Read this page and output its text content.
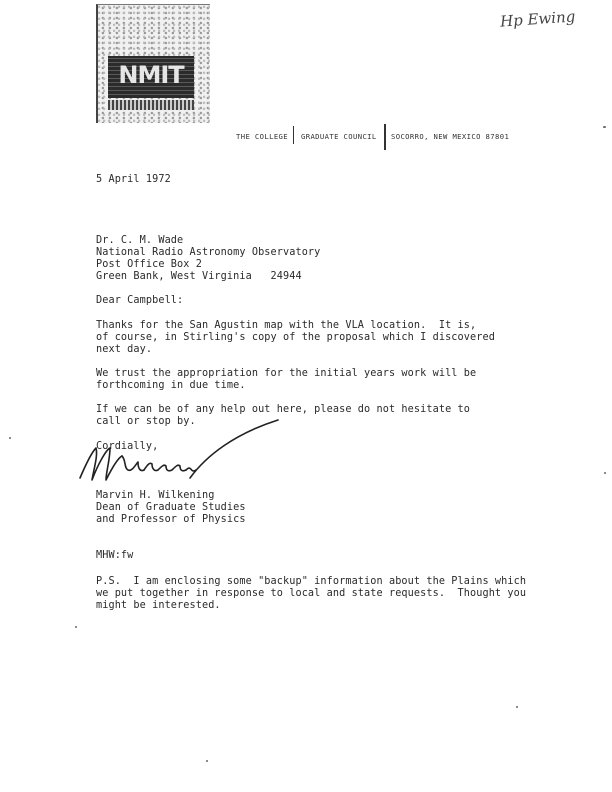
Hp Ewing
NMIT
THE COLLEGE GRADUATE COUNCIL SOCORRO, NEW MEXICO 87801
5 April 1972
Dr. C. M. Wade
National Radio Astronomy Observatory
Post Office Box 2
Green Bank, West Virginia   24944
Dear Campbell:
Thanks for the San Agustin map with the VLA location.  It is,
of course, in Stirling's copy of the proposal which I discovered
next day.
We trust the appropriation for the initial years work will be
forthcoming in due time.
If we can be of any help out here, please do not hesitate to
call or stop by.
Cordially,
Marvin H. Wilkening
Dean of Graduate Studies
and Professor of Physics
MHW:fw
P.S.  I am enclosing some "backup" information about the Plains which
we put together in response to local and state requests.  Thought you
might be interested.
